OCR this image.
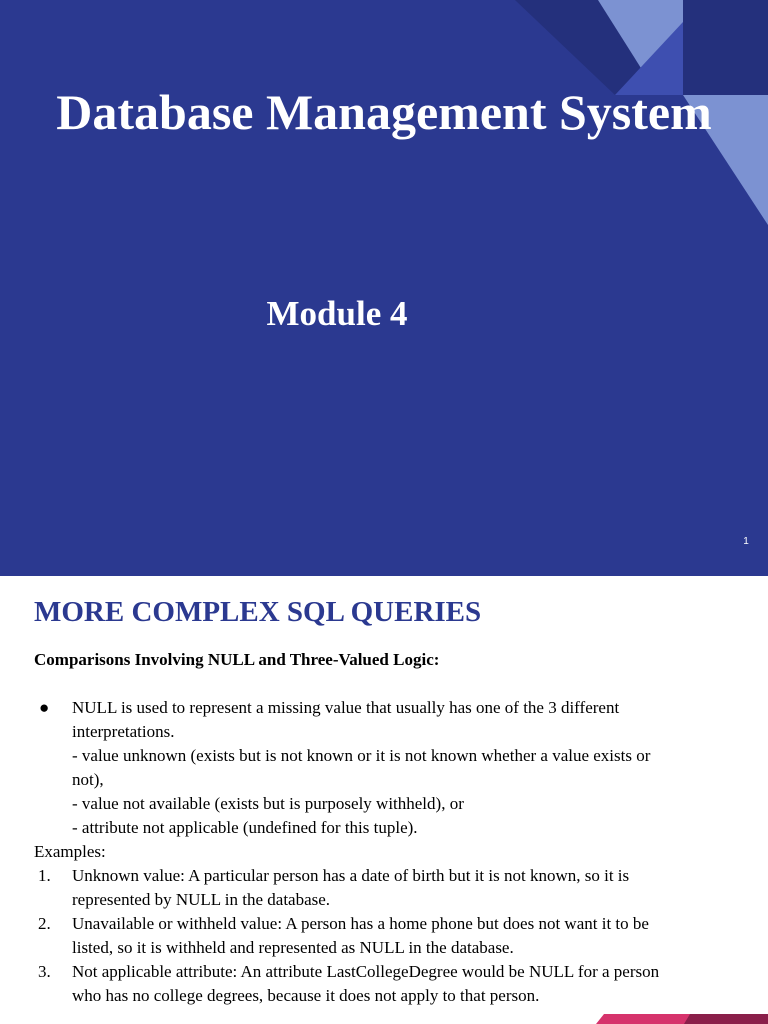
Database Management System
Module 4
1
MORE COMPLEX SQL QUERIES
Comparisons Involving NULL and Three-Valued Logic:
● NULL is used to represent a missing value that usually has one of the 3 different
interpretations.
- value unknown (exists but is not known or it is not known whether a value exists or
not),
- value not available (exists but is purposely withheld), or
- attribute not applicable (undefined for this tuple).
Examples:
1.	Unknown value: A particular person has a date of birth but it is not known, so it is
represented by NULL in the database.
2.	Unavailable or withheld value: A person has a home phone but does not want it to be
listed, so it is withheld and represented as NULL in the database.
3.	Not applicable attribute: An attribute LastCollegeDegree would be NULL for a person
who has no college degrees, because it does not apply to that person.
